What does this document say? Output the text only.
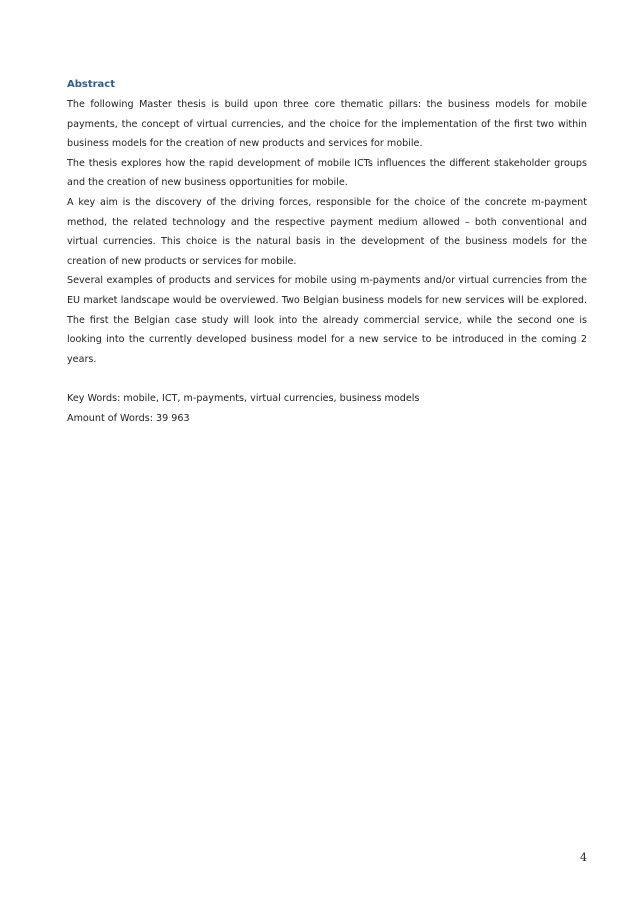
Abstract

The following Master thesis is build upon three core thematic pillars: the business models for mobile payments, the concept of virtual currencies, and the choice for the implementation of the first two within business models for the creation of new products and services for mobile.

The thesis explores how the rapid development of mobile ICTs influences the different stakeholder groups and the creation of new business opportunities for mobile.

A key aim is the discovery of the driving forces, responsible for the choice of the concrete m-payment method, the related technology and the respective payment medium allowed – both conventional and virtual currencies. This choice is the natural basis in the development of the business models for the creation of new products or services for mobile.

Several examples of products and services for mobile using m-payments and/or virtual currencies from the EU market landscape would be overviewed. Two Belgian business models for new services will be explored. The first the Belgian case study will look into the already commercial service, while the second one is looking into the currently developed business model for a new service to be introduced in the coming 2 years.

Key Words: mobile, ICT, m-payments, virtual currencies, business models

Amount of Words: 39 963

4
